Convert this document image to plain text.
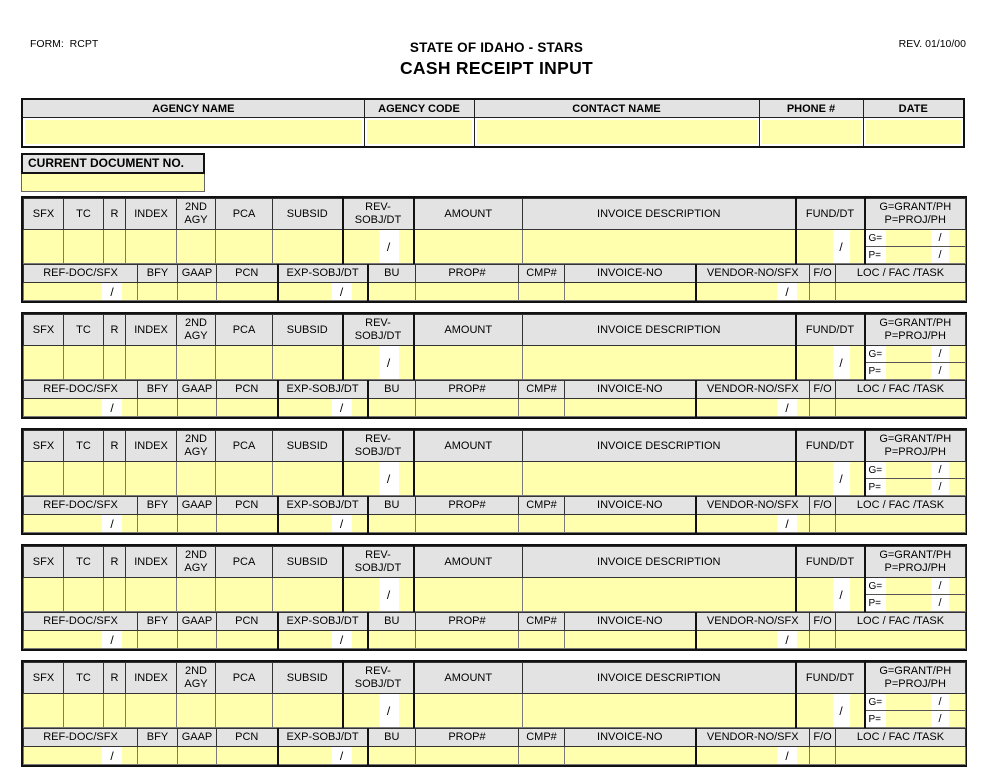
FORM:  RCPT	STATE OF IDAHO - STARS
CASH RECEIPT INPUT
REV. 01/10/00
AGENCY NAME	AGENCY CODE	CONTACT NAME	PHONE #	DATE

CURRENT DOCUMENT NO.
SFX	TC	R	INDEX	2ND AGY	PCA	SUBSID	REV-SOBJ/DT	AMOUNT	INVOICE DESCRIPTION	FUND/DT	G=GRANT/PH P=PROJ/PH

							/			/	G= /
P= /
REF-DOC/SFX	BFY	GAAP	PCN	EXP-SOBJ/DT	BU	PROP#	CMP#	INVOICE-NO	VENDOR-NO/SFX	F/O	LOC / FAC /TASK

/				/					/		

SFX	TC	R	INDEX	2ND AGY	PCA	SUBSID	REV-SOBJ/DT	AMOUNT	INVOICE DESCRIPTION	FUND/DT	G=GRANT/PH P=PROJ/PH

							/			/	G= /
P= /
REF-DOC/SFX	BFY	GAAP	PCN	EXP-SOBJ/DT	BU	PROP#	CMP#	INVOICE-NO	VENDOR-NO/SFX	F/O	LOC / FAC /TASK

/				/					/		

SFX	TC	R	INDEX	2ND AGY	PCA	SUBSID	REV-SOBJ/DT	AMOUNT	INVOICE DESCRIPTION	FUND/DT	G=GRANT/PH P=PROJ/PH

							/			/	G= /
P= /
REF-DOC/SFX	BFY	GAAP	PCN	EXP-SOBJ/DT	BU	PROP#	CMP#	INVOICE-NO	VENDOR-NO/SFX	F/O	LOC / FAC /TASK

/				/					/		

SFX	TC	R	INDEX	2ND AGY	PCA	SUBSID	REV-SOBJ/DT	AMOUNT	INVOICE DESCRIPTION	FUND/DT	G=GRANT/PH P=PROJ/PH

							/			/	G= /
P= /
REF-DOC/SFX	BFY	GAAP	PCN	EXP-SOBJ/DT	BU	PROP#	CMP#	INVOICE-NO	VENDOR-NO/SFX	F/O	LOC / FAC /TASK

/				/					/		

SFX	TC	R	INDEX	2ND AGY	PCA	SUBSID	REV-SOBJ/DT	AMOUNT	INVOICE DESCRIPTION	FUND/DT	G=GRANT/PH P=PROJ/PH

							/			/	G= /
P= /
REF-DOC/SFX	BFY	GAAP	PCN	EXP-SOBJ/DT	BU	PROP#	CMP#	INVOICE-NO	VENDOR-NO/SFX	F/O	LOC / FAC /TASK

/				/					/		
